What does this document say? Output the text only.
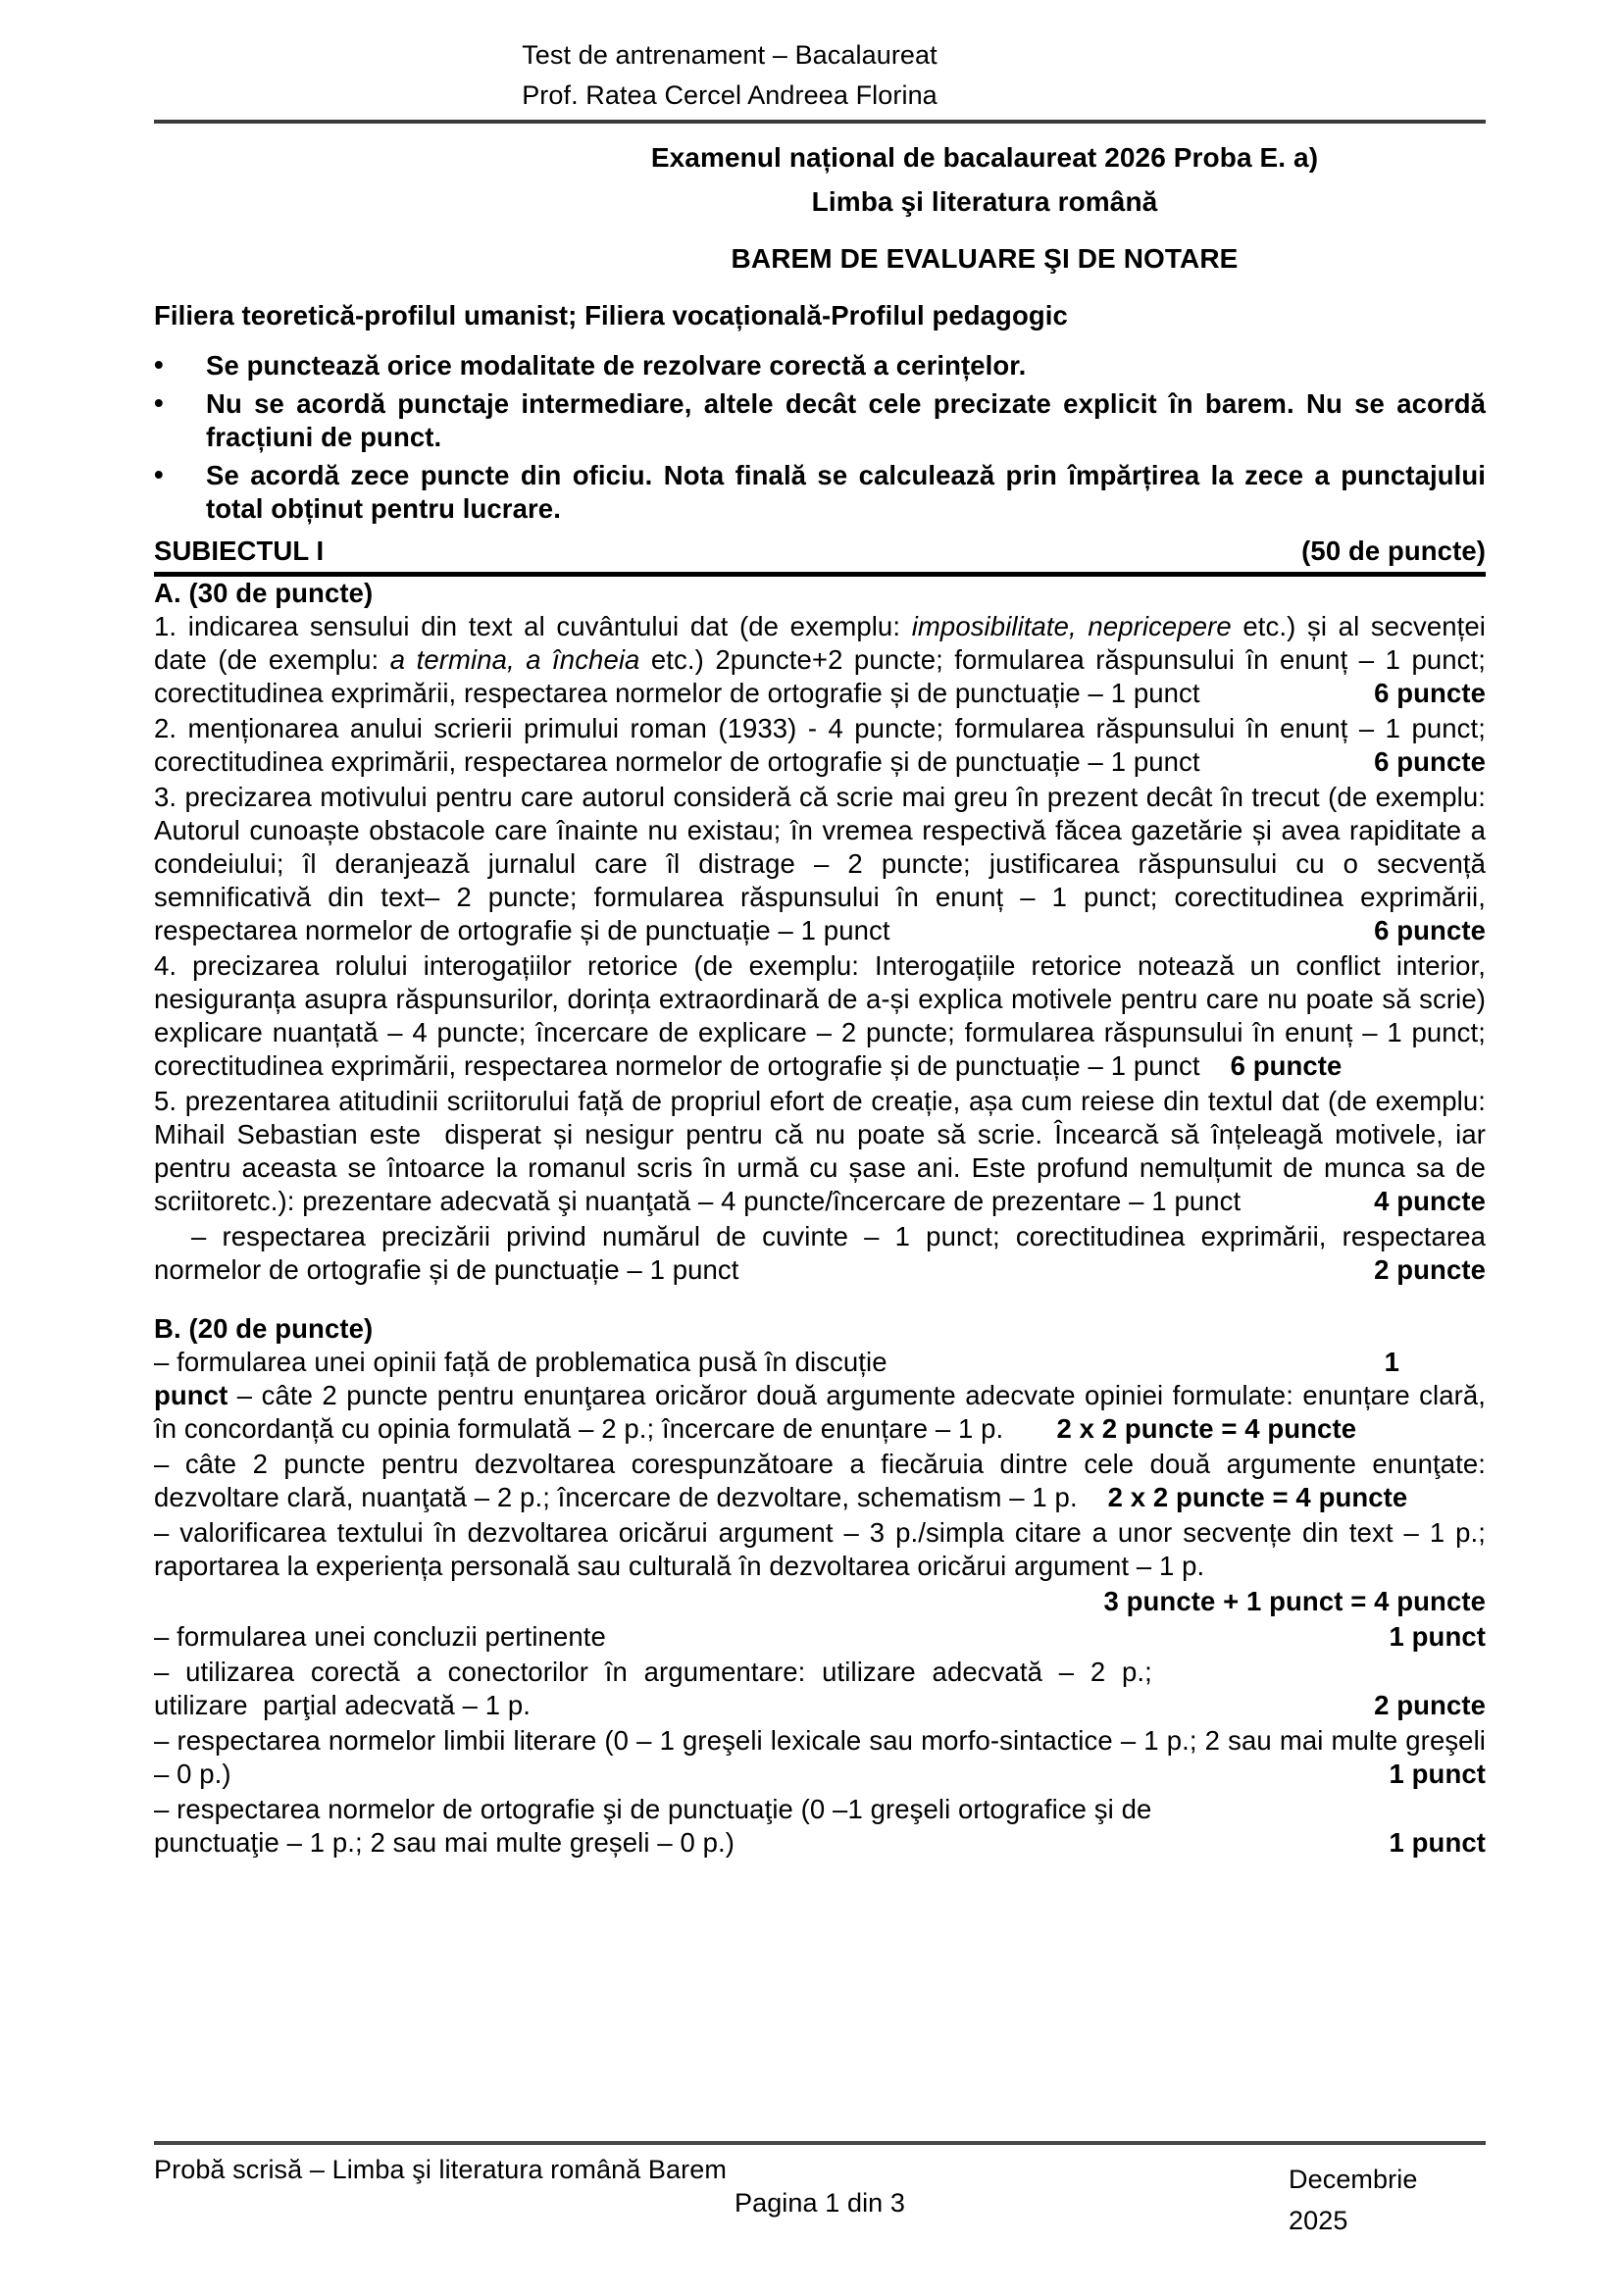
Test de antrenament – Bacalaureat
Prof. Ratea Cercel Andreea Florina
Examenul național de bacalaureat 2026 Proba E. a)
Limba şi literatura română
BAREM DE EVALUARE ŞI DE NOTARE
Filiera teoretică-profilul umanist; Filiera vocațională-Profilul pedagogic
•	Se punctează orice modalitate de rezolvare corectă a cerințelor.
•	Nu se acordă punctaje intermediare, altele decât cele precizate explicit în barem. Nu se acordă fracțiuni de punct.
•	Se acordă zece puncte din oficiu. Nota finală se calculează prin împărțirea la zece a punctajului total obținut pentru lucrare.
SUBIECTUL I	(50 de puncte)

A. (30 de puncte)

1. indicarea sensului din text al cuvântului dat (de exemplu: imposibilitate, nepricepere etc.) și al secvenței date (de exemplu: a termina, a încheia etc.) 2puncte+2 puncte; formularea răspunsului în enunț – 1 punct; corectitudinea exprimării, respectarea normelor de ortografie și de punctuație – 1 punct	6 puncte

2. menționarea anului scrierii primului roman (1933) - 4 puncte; formularea răspunsului în enunț – 1 punct; corectitudinea exprimării, respectarea normelor de ortografie și de punctuație – 1 punct	6 puncte

3. precizarea motivului pentru care autorul consideră că scrie mai greu în prezent decât în trecut (de exemplu: Autorul cunoaște obstacole care înainte nu existau; în vremea respectivă făcea gazetărie și avea rapiditate a condeiului; îl deranjează jurnalul care îl distrage – 2 puncte; justificarea răspunsului cu o secvență semnificativă din text– 2 puncte; formularea răspunsului în enunț – 1 punct; corectitudinea exprimării, respectarea normelor de ortografie și de punctuație – 1 punct	6 puncte

4. precizarea rolului interogațiilor retorice (de exemplu: Interogațiile retorice notează un conflict interior, nesiguranța asupra răspunsurilor, dorința extraordinară de a-și explica motivele pentru care nu poate să scrie) explicare nuanțată – 4 puncte; încercare de explicare – 2 puncte; formularea răspunsului în enunț – 1 punct; corectitudinea exprimării, respectarea normelor de ortografie și de punctuație – 1 punct    6 puncte

5. prezentarea atitudinii scriitorului față de propriul efort de creație, așa cum reiese din textul dat (de exemplu: Mihail Sebastian este  disperat și nesigur pentru că nu poate să scrie. Încearcă să înțeleagă motivele, iar pentru aceasta se întoarce la romanul scris în urmă cu șase ani. Este profund nemulțumit de munca sa de scriitoretc.): prezentare adecvată şi nuanţată – 4 puncte/încercare de prezentare – 1 punct	4 puncte

– respectarea precizării privind numărul de cuvinte – 1 punct; corectitudinea exprimării, respectarea normelor de ortografie și de punctuație – 1 punct	2 puncte

B. (20 de puncte)

– formularea unei opinii față de problematica pusă în discuție	1

punct – câte 2 puncte pentru enunţarea oricăror două argumente adecvate opiniei formulate: enunțare clară, în concordanță cu opinia formulată – 2 p.; încercare de enunțare – 1 p.       2 x 2 puncte = 4 puncte

– câte 2 puncte pentru dezvoltarea corespunzătoare a fiecăruia dintre cele două argumente enunţate: dezvoltare clară, nuanţată – 2 p.; încercare de dezvoltare, schematism – 1 p.    2 x 2 puncte = 4 puncte

– valorificarea textului în dezvoltarea oricărui argument – 3 p./simpla citare a unor secvențe din text – 1 p.; raportarea la experiența personală sau culturală în dezvoltarea oricărui argument – 1 p.

3 puncte + 1 punct = 4 puncte

– formularea unei concluzii pertinente	1 punct

– utilizarea corectă a conectorilor în argumentare: utilizare adecvată – 2 p.;
utilizare  parţial adecvată – 1 p.	2 puncte

– respectarea normelor limbii literare (0 – 1 greşeli lexicale sau morfo-sintactice – 1 p.; 2 sau mai multe greşeli – 0 p.)	1 punct

– respectarea normelor de ortografie şi de punctuaţie (0 –1 greşeli ortografice şi de
punctuaţie – 1 p.; 2 sau mai multe greșeli – 0 p.)	1 punct

Decembrie
2025
Probă scrisă – Limba şi literatura română Barem
Pagina 1 din 3
